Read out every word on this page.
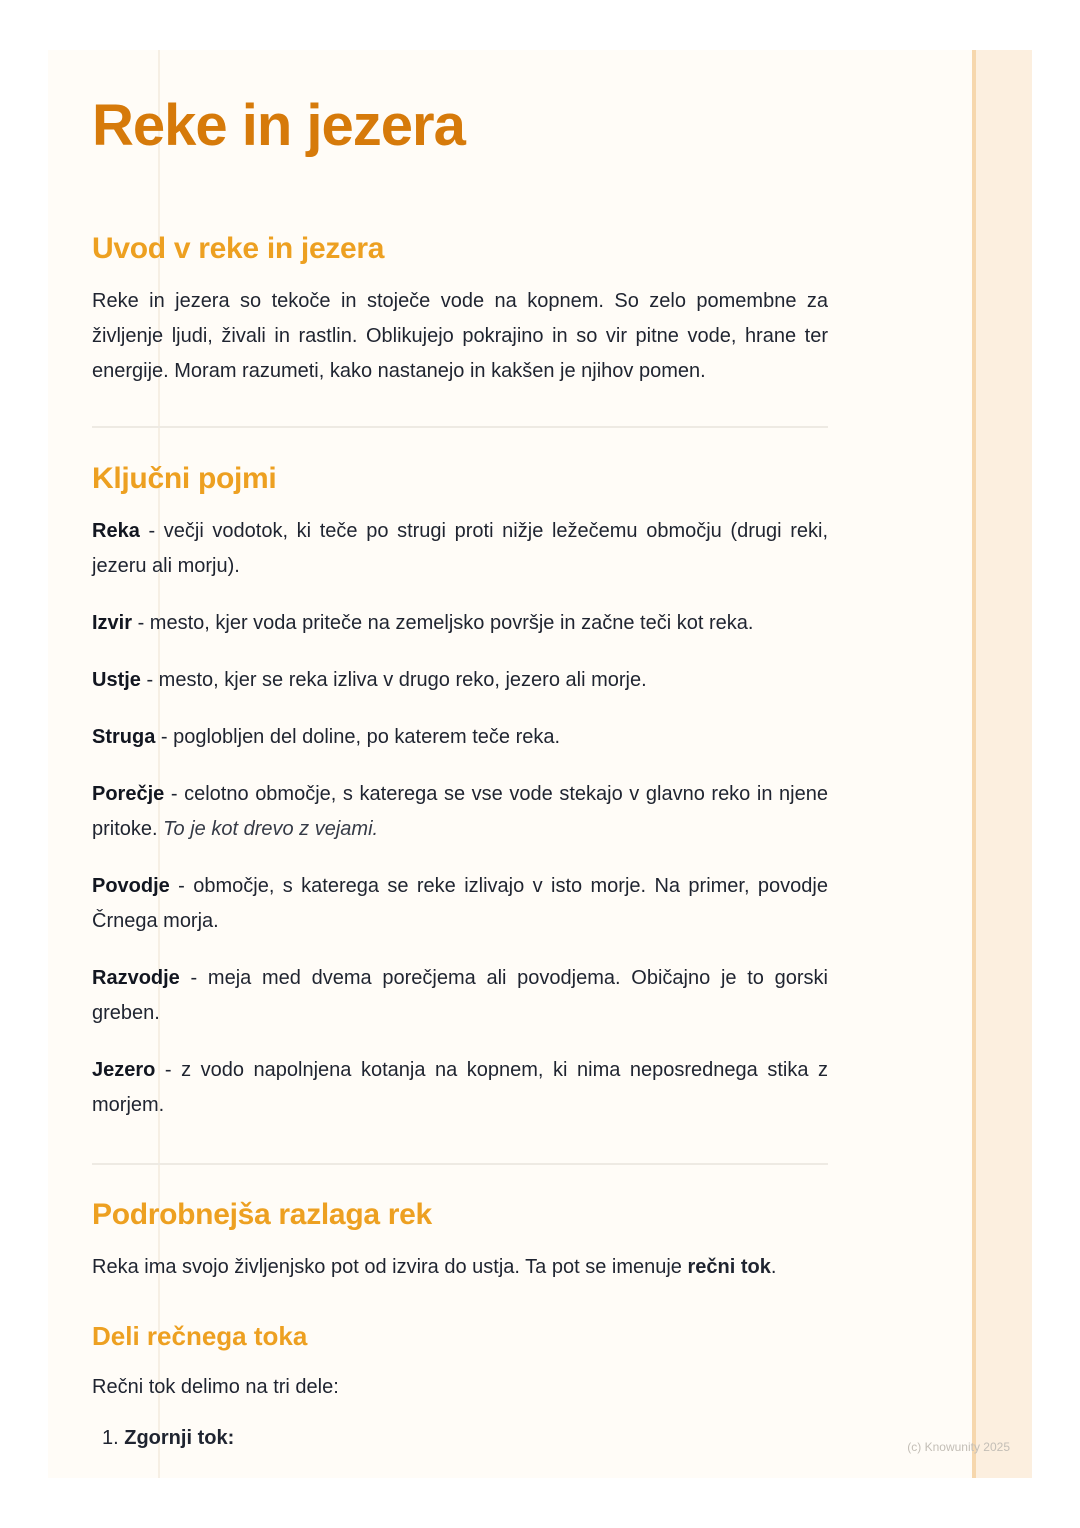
Reke in jezera
Uvod v reke in jezera

Reke in jezera so tekoče in stoječe vode na kopnem. So zelo pomembne za življenje ljudi, živali in rastlin. Oblikujejo pokrajino in so vir pitne vode, hrane ter energije. Moram razumeti, kako nastanejo in kakšen je njihov pomen.

Ključni pojmi

Reka - večji vodotok, ki teče po strugi proti nižje ležečemu območju (drugi reki, jezeru ali morju).

Izvir - mesto, kjer voda priteče na zemeljsko površje in začne teči kot reka.

Ustje - mesto, kjer se reka izliva v drugo reko, jezero ali morje.

Struga - poglobljen del doline, po katerem teče reka.

Porečje - celotno območje, s katerega se vse vode stekajo v glavno reko in njene pritoke. To je kot drevo z vejami.

Povodje - območje, s katerega se reke izlivajo v isto morje. Na primer, povodje Črnega morja.

Razvodje - meja med dvema porečjema ali povodjema. Običajno je to gorski greben.

Jezero - z vodo napolnjena kotanja na kopnem, ki nima neposrednega stika z morjem.

Podrobnejša razlaga rek

Reka ima svojo življenjsko pot od izvira do ustja. Ta pot se imenuje rečni tok.

Deli rečnega toka

Rečni tok delimo na tri dele:

1. Zgornji tok:	(c) Knowunity 2025
